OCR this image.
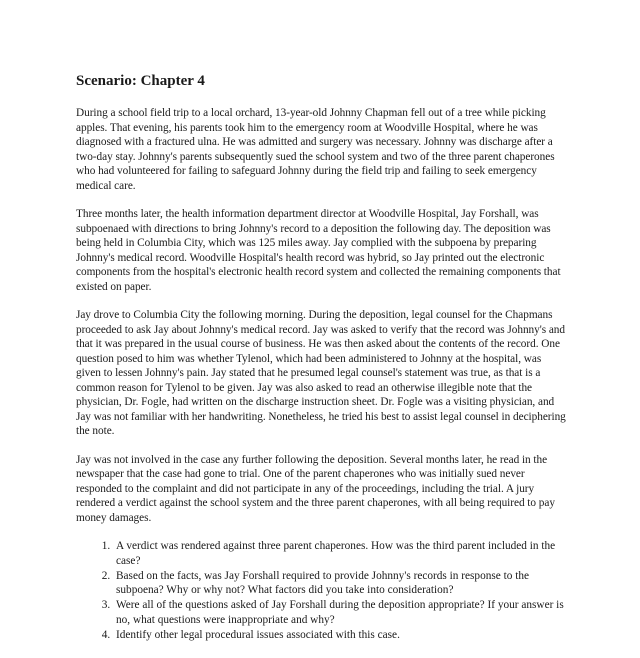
Scenario: Chapter 4

During a school field trip to a local orchard, 13-year-old Johnny Chapman fell out of a tree while picking apples. That evening, his parents took him to the emergency room at Woodville Hospital, where he was diagnosed with a fractured ulna. He was admitted and surgery was necessary. Johnny was discharge after a two-day stay. Johnny's parents subsequently sued the school system and two of the three parent chaperones who had volunteered for failing to safeguard Johnny during the field trip and failing to seek emergency medical care.

Three months later, the health information department director at Woodville Hospital, Jay Forshall, was subpoenaed with directions to bring Johnny's record to a deposition the following day. The deposition was being held in Columbia City, which was 125 miles away. Jay complied with the subpoena by preparing Johnny's medical record. Woodville Hospital's health record was hybrid, so Jay printed out the electronic components from the hospital's electronic health record system and collected the remaining components that existed on paper.

Jay drove to Columbia City the following morning. During the deposition, legal counsel for the Chapmans proceeded to ask Jay about Johnny's medical record. Jay was asked to verify that the record was Johnny's and that it was prepared in the usual course of business. He was then asked about the contents of the record. One question posed to him was whether Tylenol, which had been administered to Johnny at the hospital, was given to lessen Johnny's pain. Jay stated that he presumed legal counsel's statement was true, as that is a common reason for Tylenol to be given. Jay was also asked to read an otherwise illegible note that the physician, Dr. Fogle, had written on the discharge instruction sheet. Dr. Fogle was a visiting physician, and Jay was not familiar with her handwriting. Nonetheless, he tried his best to assist legal counsel in deciphering the note.

Jay was not involved in the case any further following the deposition. Several months later, he read in the newspaper that the case had gone to trial. One of the parent chaperones who was initially sued never responded to the complaint and did not participate in any of the proceedings, including the trial. A jury rendered a verdict against the school system and the three parent chaperones, with all being required to pay money damages.

1. A verdict was rendered against three parent chaperones. How was the third parent included in the case?
2. Based on the facts, was Jay Forshall required to provide Johnny's records in response to the subpoena? Why or why not? What factors did you take into consideration?
3. Were all of the questions asked of Jay Forshall during the deposition appropriate? If your answer is no, what questions were inappropriate and why?
4. Identify other legal procedural issues associated with this case.
